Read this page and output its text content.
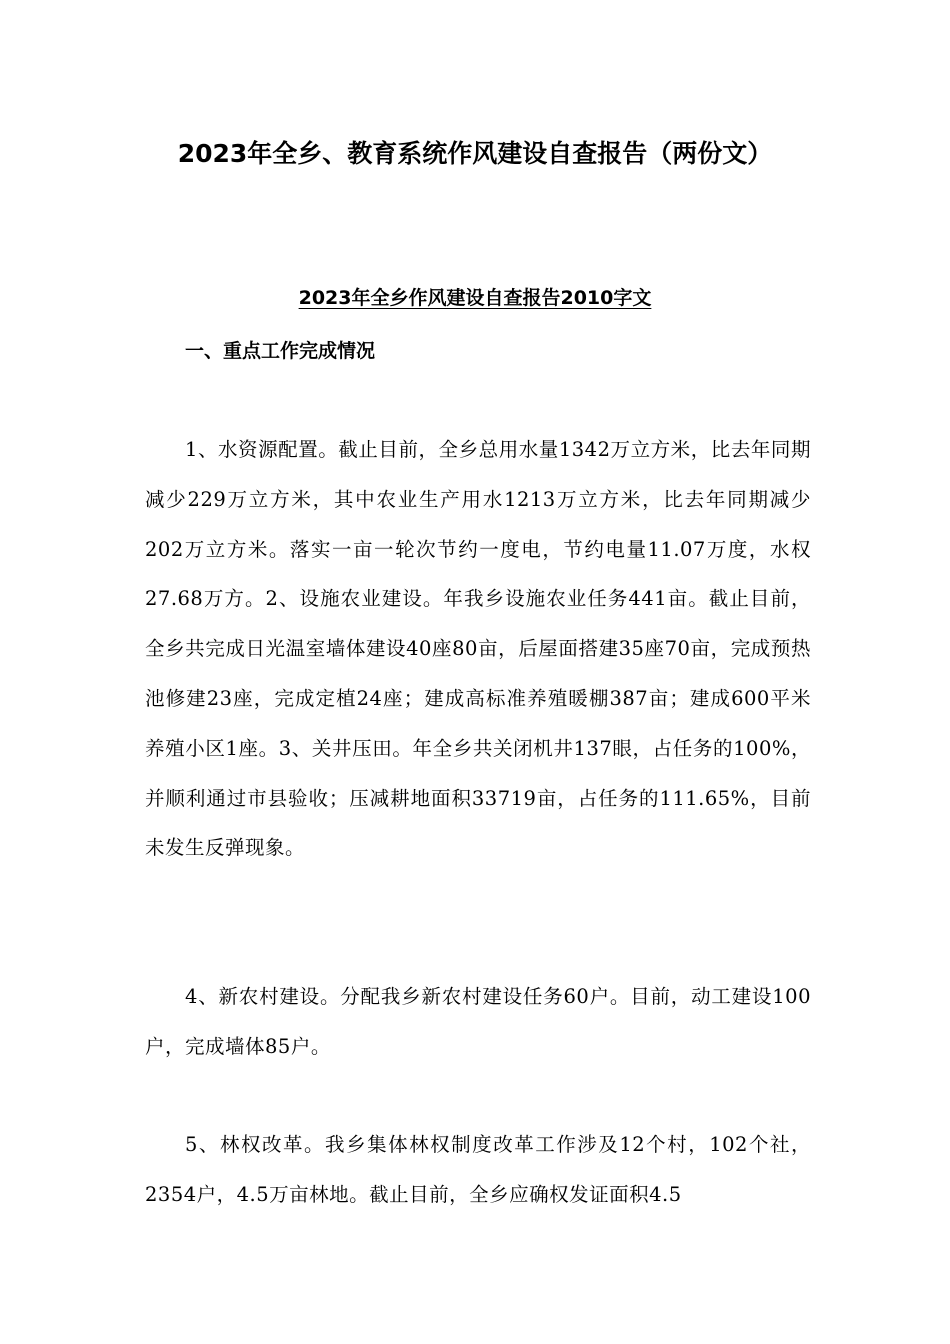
2023年全乡、教育系统作风建设自查报告（两份文）
2023年全乡作风建设自查报告2010字文
一、重点工作完成情况

1、水资源配置。截止目前，全乡总用水量1342万立方米，比去年同期减少229万立方米，其中农业生产用水1213万立方米，比去年同期减少202万立方米。落实一亩一轮次节约一度电，节约电量11.07万度，水权27.68万方。2、设施农业建设。年我乡设施农业任务441亩。截止目前，全乡共完成日光温室墙体建设40座80亩，后屋面搭建35座70亩，完成预热池修建23座，完成定植24座；建成高标准养殖暖棚387亩；建成600平米养殖小区1座。3、关井压田。年全乡共关闭机井137眼，占任务的100%，并顺利通过市县验收；压减耕地面积33719亩，占任务的111.65%，目前未发生反弹现象。

4、新农村建设。分配我乡新农村建设任务60户。目前，动工建设100户，完成墙体85户。

5、林权改革。我乡集体林权制度改革工作涉及12个村，102个社，2354户，4.5万亩林地。截止目前，全乡应确权发证面积4.5
